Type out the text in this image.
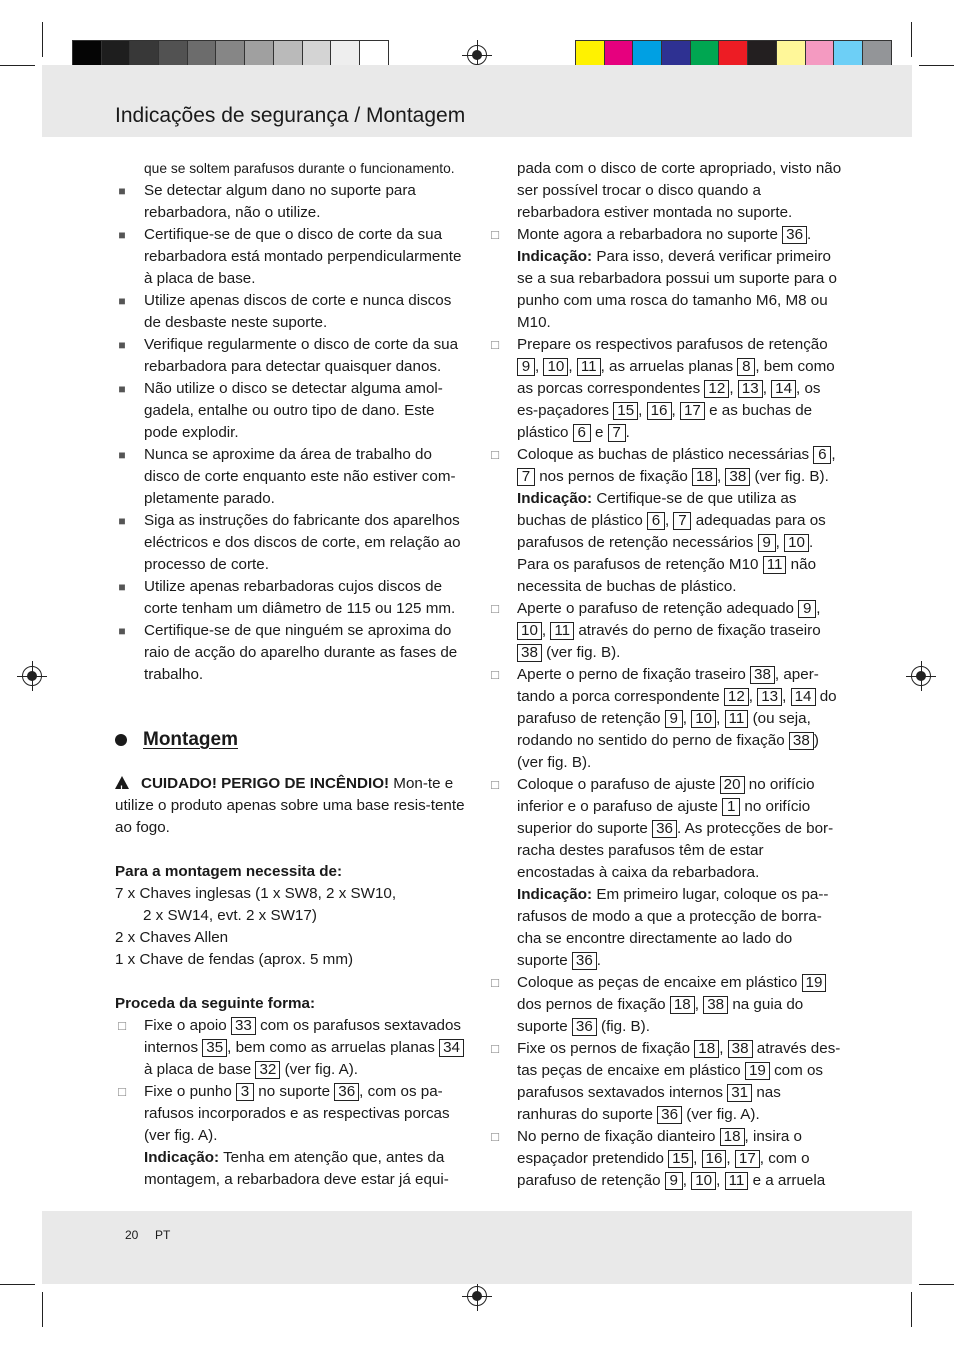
Indicações de segurança / Montagem
20 PT
que se soltem parafusos durante o funcionamento.
■ Se detectar algum dano no suporte para rebarbadora, não o utilize.
■ Certifique-se de que o disco de corte da sua rebarbadora está montado perpendicularmente à placa de base.
■ Utilize apenas discos de corte e nunca discos de desbaste neste suporte.
■ Verifique regularmente o disco de corte da sua rebarbadora para detectar quaisquer danos.
■ Não utilize o disco se detectar alguma amol-gadela, entalhe ou outro tipo de dano. Este pode explodir.
■ Nunca se aproxime da área de trabalho do disco de corte enquanto este não estiver com-pletamente parado.
■ Siga as instruções do fabricante dos aparelhos eléctricos e dos discos de corte, em relação ao processo de corte.
■ Utilize apenas rebarbadoras cujos discos de corte tenham um diâmetro de 115 ou 125 mm.
■ Certifique-se de que ninguém se aproxima do raio de acção do aparelho durante as fases de trabalho.
Montagem
!CUIDADO! PERIGO DE INCÊNDIO! Mon-te e utilize o produto apenas sobre uma base resis-tente ao fogo.
Para a montagem necessita de:
7 x Chaves inglesas (1 x SW8, 2 x SW10,
2 x SW14, evt. 2 x SW17)
2 x Chaves Allen
1 x Chave de fendas (aprox. 5 mm)
Proceda da seguinte forma:
□ Fixe o apoio 33 com os parafusos sextavados internos 35 , bem como as arruelas planas 34 à placa de base 32 (ver fig. A).
□ Fixe o punho 3 no suporte 36 , com os pa-rafusos incorporados e as respectivas porcas (ver fig. A).
Indicação: Tenha em atenção que, antes da montagem, a rebarbadora deve estar já equi-
pada com o disco de corte apropriado, visto não ser possível trocar o disco quando a rebarbadora estiver montada no suporte.
□ Monte agora a rebarbadora no suporte 36 .
Indicação: Para isso, deverá verificar primeiro se a sua rebarbadora possui um suporte para o punho com uma rosca do tamanho M6, M8 ou M10.
□ Prepare os respectivos parafusos de retenção 9 , 10 , 11 , as arruelas planas 8 , bem como as porcas correspondentes 12 , 13 , 14 , os es-paçadores 15 , 16 , 17 e as buchas de plástico 6 e 7 .
□ Coloque as buchas de plástico necessárias 6 , 7 nos pernos de fixação 18 , 38 (ver fig. B).
Indicação: Certifique-se de que utiliza as buchas de plástico 6 , 7 adequadas para os parafusos de retenção necessários 9 , 10 . Para os parafusos de retenção M10 11 não necessita de buchas de plástico.
□ Aperte o parafuso de retenção adequado 9 , 10 , 11 através do perno de fixação traseiro 38 (ver fig. B).
□ Aperte o perno de fixação traseiro 38 , aper-tando a porca correspondente 12 , 13 , 14 do parafuso de retenção 9 , 10 , 11 (ou seja, rodando no sentido do perno de fixação 38 ) (ver fig. B).
□ Coloque o parafuso de ajuste 20 no orifício inferior e o parafuso de ajuste 1 no orifício superior do suporte 36 . As protecções de bor-racha destes parafusos têm de estar encostadas à caixa da rebarbadora.
Indicação: Em primeiro lugar, coloque os pa--rafusos de modo a que a protecção de borra-cha se encontre directamente ao lado do suporte 36 .
□ Coloque as peças de encaixe em plástico 19 dos pernos de fixação 18 , 38 na guia do suporte 36 (fig. B).
□ Fixe os pernos de fixação 18 , 38 através des-tas peças de encaixe em plástico 19 com os parafusos sextavados internos 31 nas ranhuras do suporte 36 (ver fig. A).
□ No perno de fixação dianteiro 18 , insira o espaçador pretendido 15 , 16 , 17 , com o parafuso de retenção 9 , 10 , 11 e a arruela
